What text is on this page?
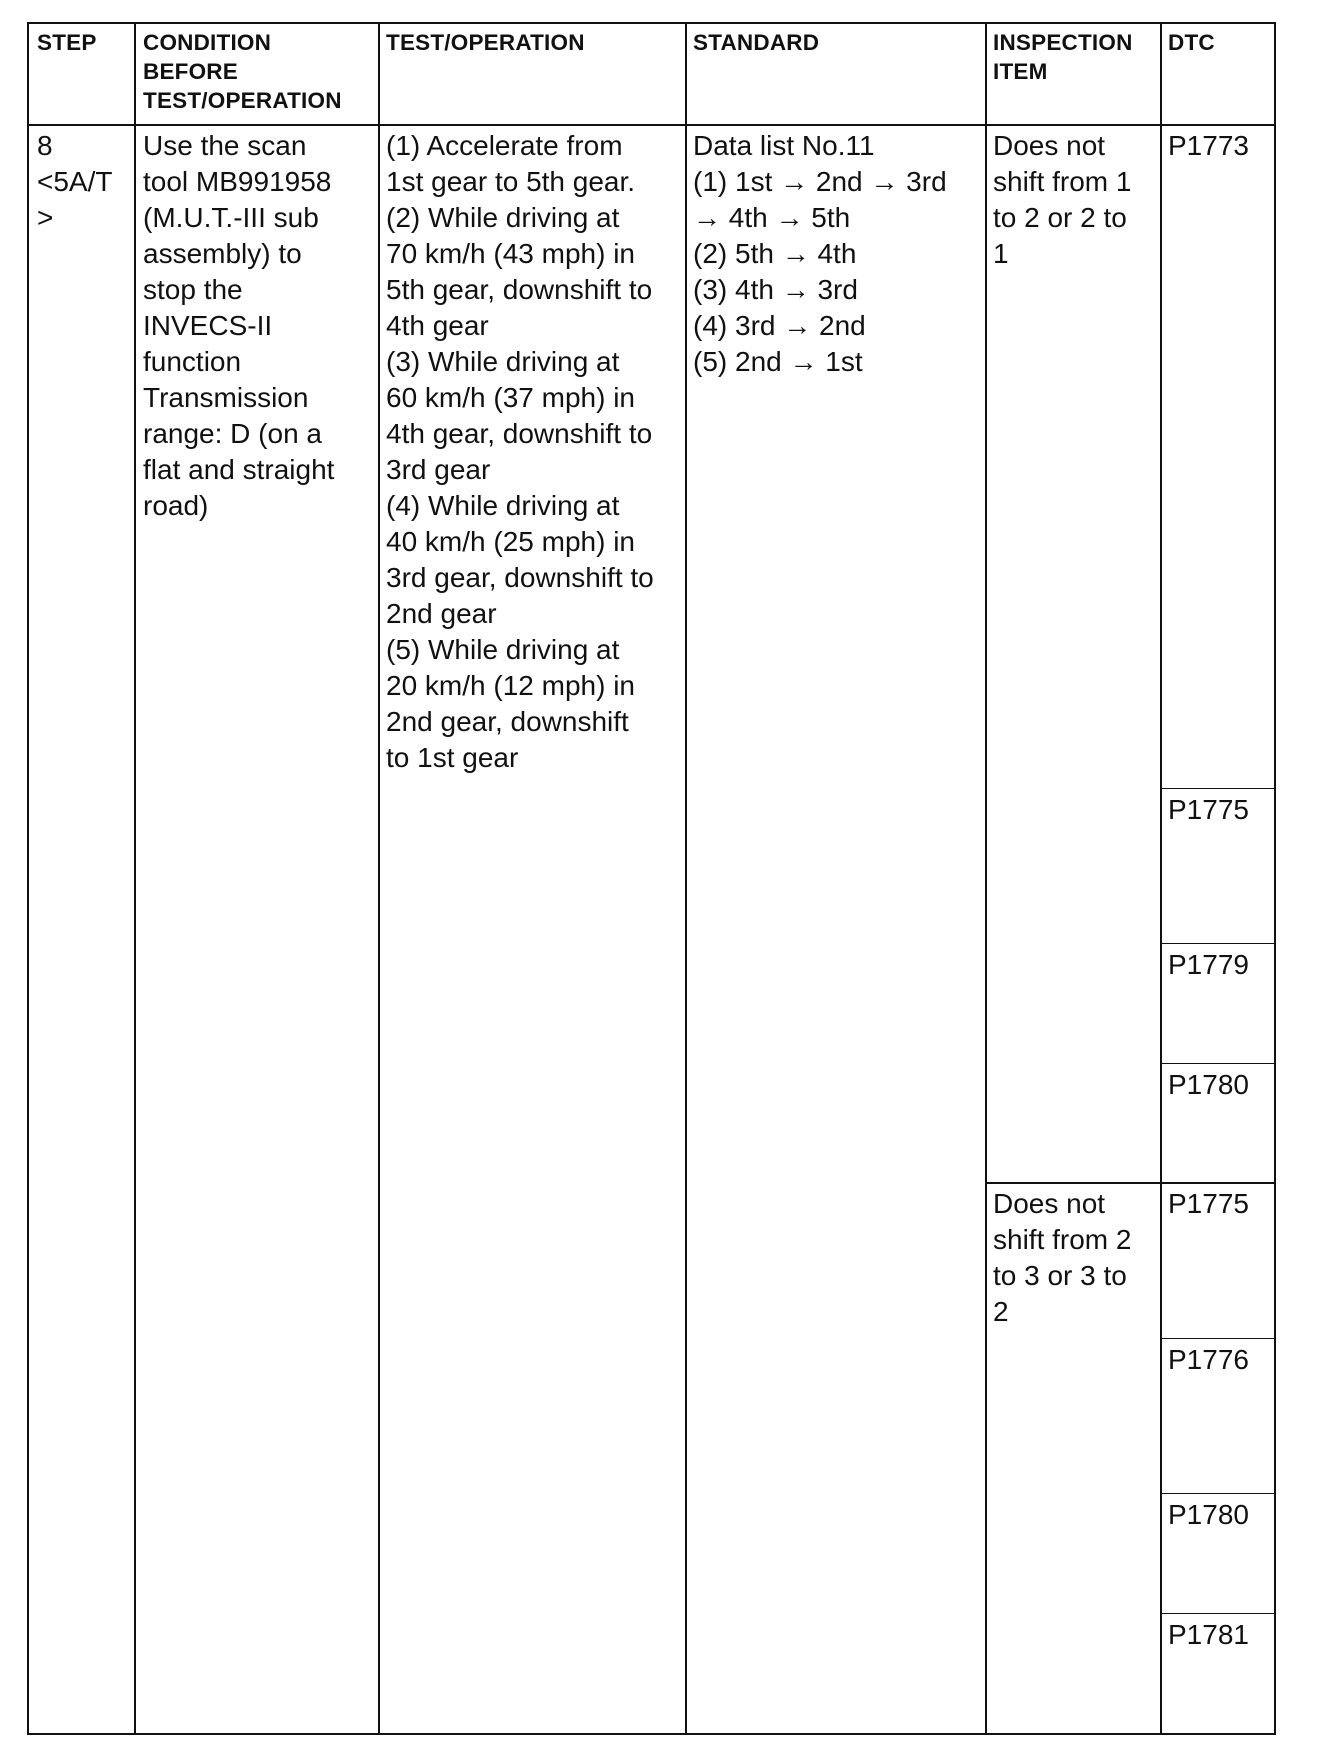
STEP CONDITION
BEFORE
TEST/OPERATION
TEST/OPERATION	STANDARD	INSPECTION
ITEM
DTC
8
<5A/T
>
Use the scan
tool MB991958
(M.U.T.-III sub
assembly) to
stop the
INVECS-II
function
Transmission
range: D (on a
flat and straight
road)
(1) Accelerate from
1st gear to 5th gear.
(2) While driving at
70 km/h (43 mph) in
5th gear, downshift to
4th gear
(3) While driving at
60 km/h (37 mph) in
4th gear, downshift to
3rd gear
(4) While driving at
40 km/h (25 mph) in
3rd gear, downshift to
2nd gear
(5) While driving at
20 km/h (12 mph) in
2nd gear, downshift
to 1st gear
Data list No.11
(1) 1st → 2nd → 3rd
→ 4th → 5th
(2) 5th → 4th
(3) 4th → 3rd
(4) 3rd → 2nd
(5) 2nd → 1st
Does not
shift from 1
to 2 or 2 to
1
Does not
shift from 2
to 3 or 3 to
2
P1773
P1775
P1779
P1780
P1775
P1776
P1780
P1781
